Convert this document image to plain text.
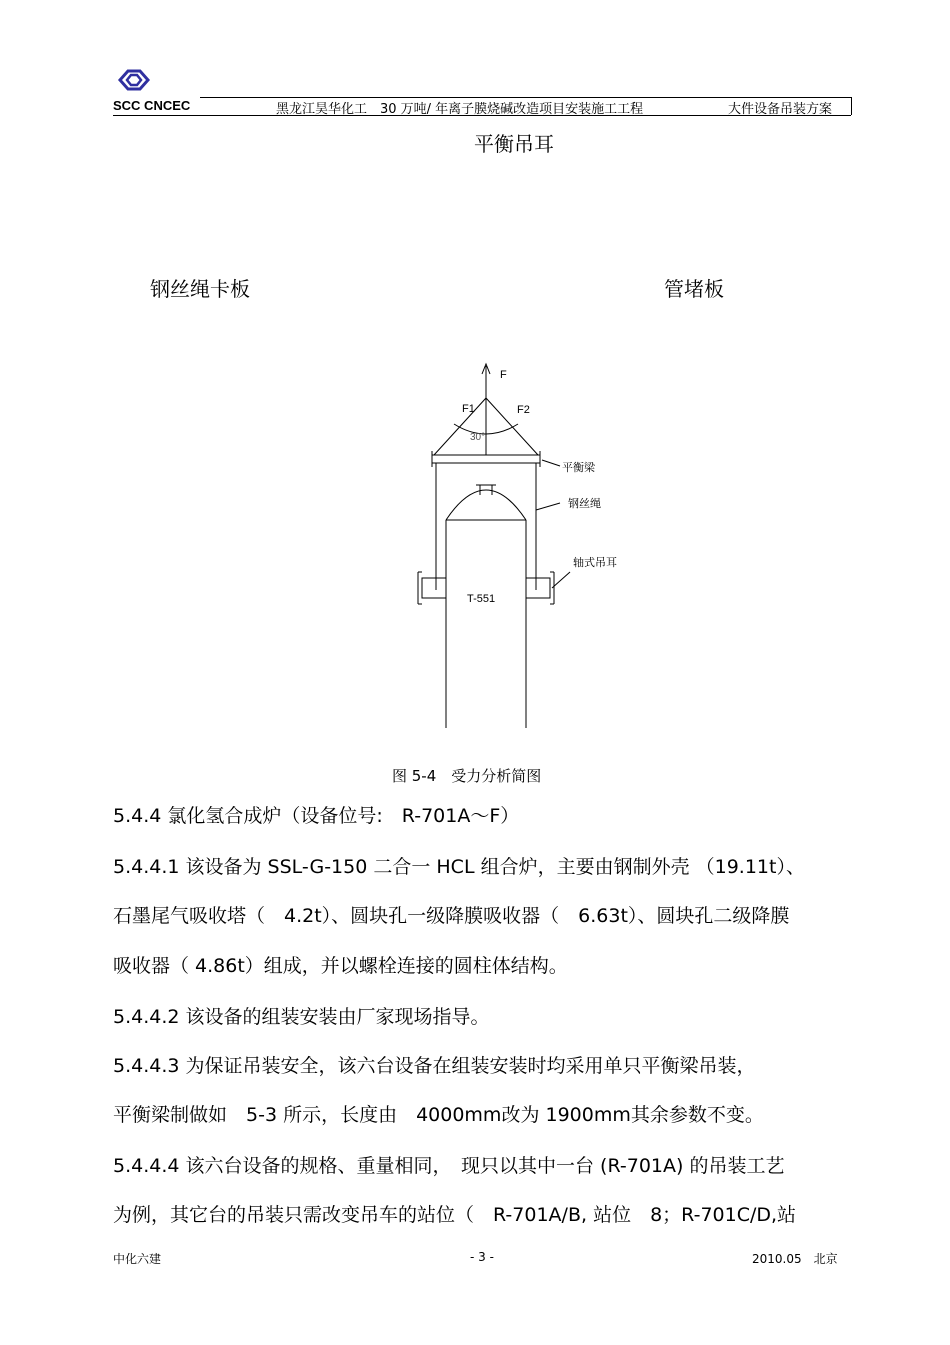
SCC CNCEC	黑龙江昊华化工　30 万吨/ 年离子膜烧碱改造项目安装施工工程	大件设备吊装方案
平衡吊耳
钢丝绳卡板	管堵板
F
F1	F2
30°
平衡梁
钢丝绳
轴式吊耳
T-551
图 5-4　受力分析简图
5.4.4 氯化氢合成炉（设备位号:　R-701A～F）
5.4.4.1 该设备为 SSL-G-150 二合一 HCL 组合炉，主要由钢制外壳 （19.11t）、
石墨尾气吸收塔（　4.2t）、圆块孔一级降膜吸收器（　6.63t）、圆块孔二级降膜
吸收器（ 4.86t）组成，并以螺栓连接的圆柱体结构。
5.4.4.2 该设备的组装安装由厂家现场指导。
5.4.4.3 为保证吊装安全，该六台设备在组装安装时均采用单只平衡梁吊装，
平衡梁制做如　5-3 所示，长度由　4000mm改为 1900mm其余参数不变。
5.4.4.4 该六台设备的规格、重量相同，　现只以其中一台 (R-701A) 的吊装工艺
为例，其它台的吊装只需改变吊车的站位（　R-701A/B, 站位　8；R-701C/D,站
中化六建	- 3 -	2010.05　北京
